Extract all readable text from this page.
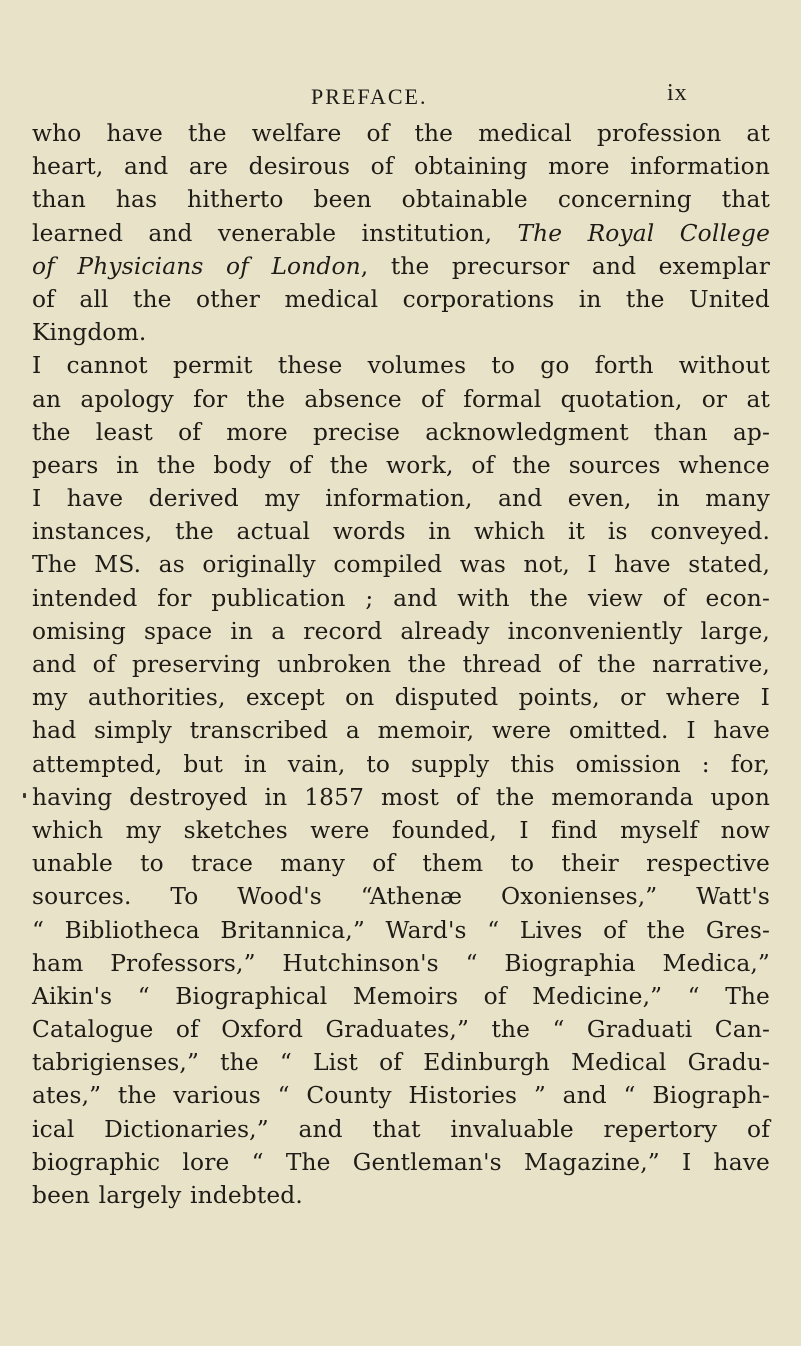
PREFACE.	ix
who have the welfare of the medical profession at
heart, and are desirous of obtaining more information
than has hitherto been obtainable concerning that
learned and venerable institution, The Royal College
of Physicians of London, the precursor and exemplar
of all the other medical corporations in the United
Kingdom.
I cannot permit these volumes to go forth without
an apology for the absence of formal quotation, or at
the least of more precise acknowledgment than ap-
pears in the body of the work, of the sources whence
I have derived my information, and even, in many
instances, the actual words in which it is conveyed.
The MS. as originally compiled was not, I have stated,
intended for publication ; and with the view of econ-
omising space in a record already inconveniently large,
and of preserving unbroken the thread of the narrative,
my authorities, except on disputed points, or where I
had simply transcribed a memoir, were omitted. I have
attempted, but in vain, to supply this omission : for,
having destroyed in 1857 most of the memoranda upon
which my sketches were founded, I find myself now
unable to trace many of them to their respective
sources. To Wood's “Athenæ Oxonienses,” Watt's
“ Bibliotheca Britannica,” Ward's “ Lives of the Gres-
ham Professors,” Hutchinson's “ Biographia Medica,”
Aikin's “ Biographical Memoirs of Medicine,” “ The
Catalogue of Oxford Graduates,” the “ Graduati Can-
tabrigienses,” the “ List of Edinburgh Medical Gradu-
ates,” the various “ County Histories ” and “ Biograph-
ical Dictionaries,” and that invaluable repertory of
biographic lore “ The Gentleman's Magazine,” I have
been largely indebted.
